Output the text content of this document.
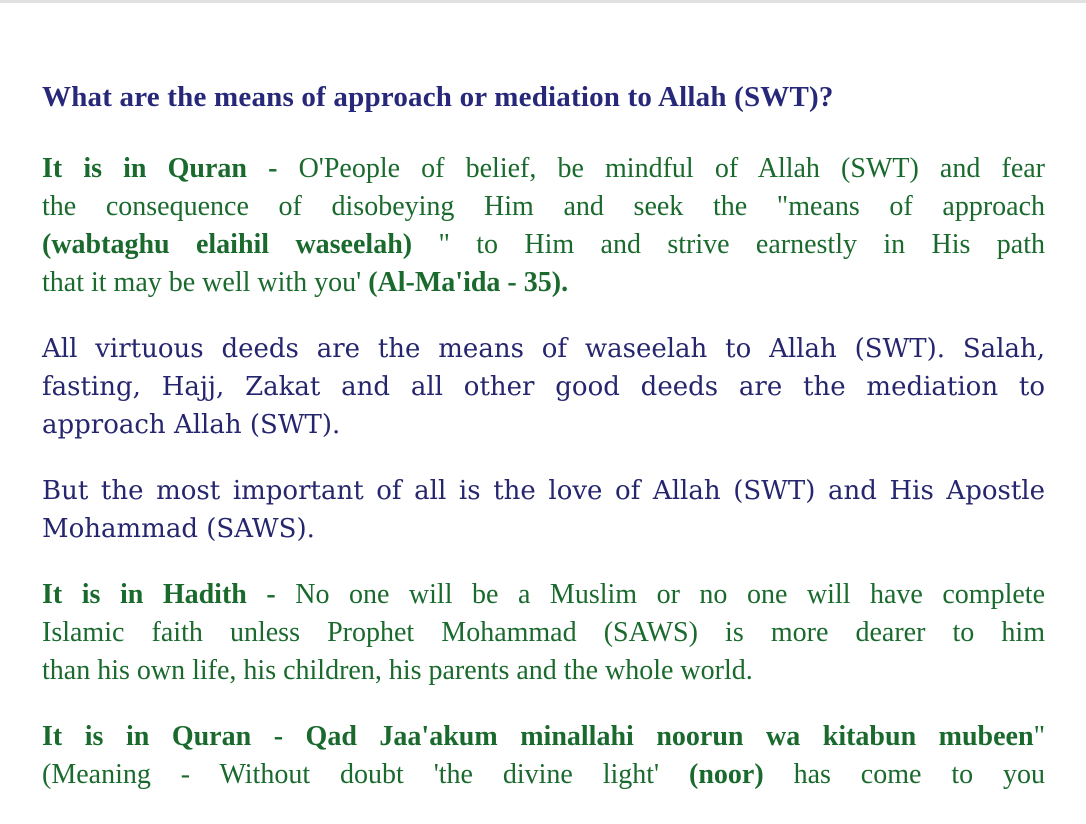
What are the means of approach or mediation to Allah (SWT)?
It is in Quran - O'People of belief, be mindful of Allah (SWT) and fear
the consequence of disobeying Him and seek the "means of approach
(wabtaghu elaihil waseelah) " to Him and strive earnestly in His path
that it may be well with you' (Al-Ma'ida - 35).
All virtuous deeds are the means of waseelah to Allah (SWT). Salah,
fasting, Hajj, Zakat and all other good deeds are the mediation to
approach Allah (SWT).
But the most important of all is the love of Allah (SWT) and His Apostle
Mohammad (SAWS).
It is in Hadith - No one will be a Muslim or no one will have complete
Islamic faith unless Prophet Mohammad (SAWS) is more dearer to him
than his own life, his children, his parents and the whole world.
It is in Quran - Qad Jaa'akum minallahi noorun wa kitabun mubeen"
(Meaning - Without doubt 'the divine light' (noor) has come to you
